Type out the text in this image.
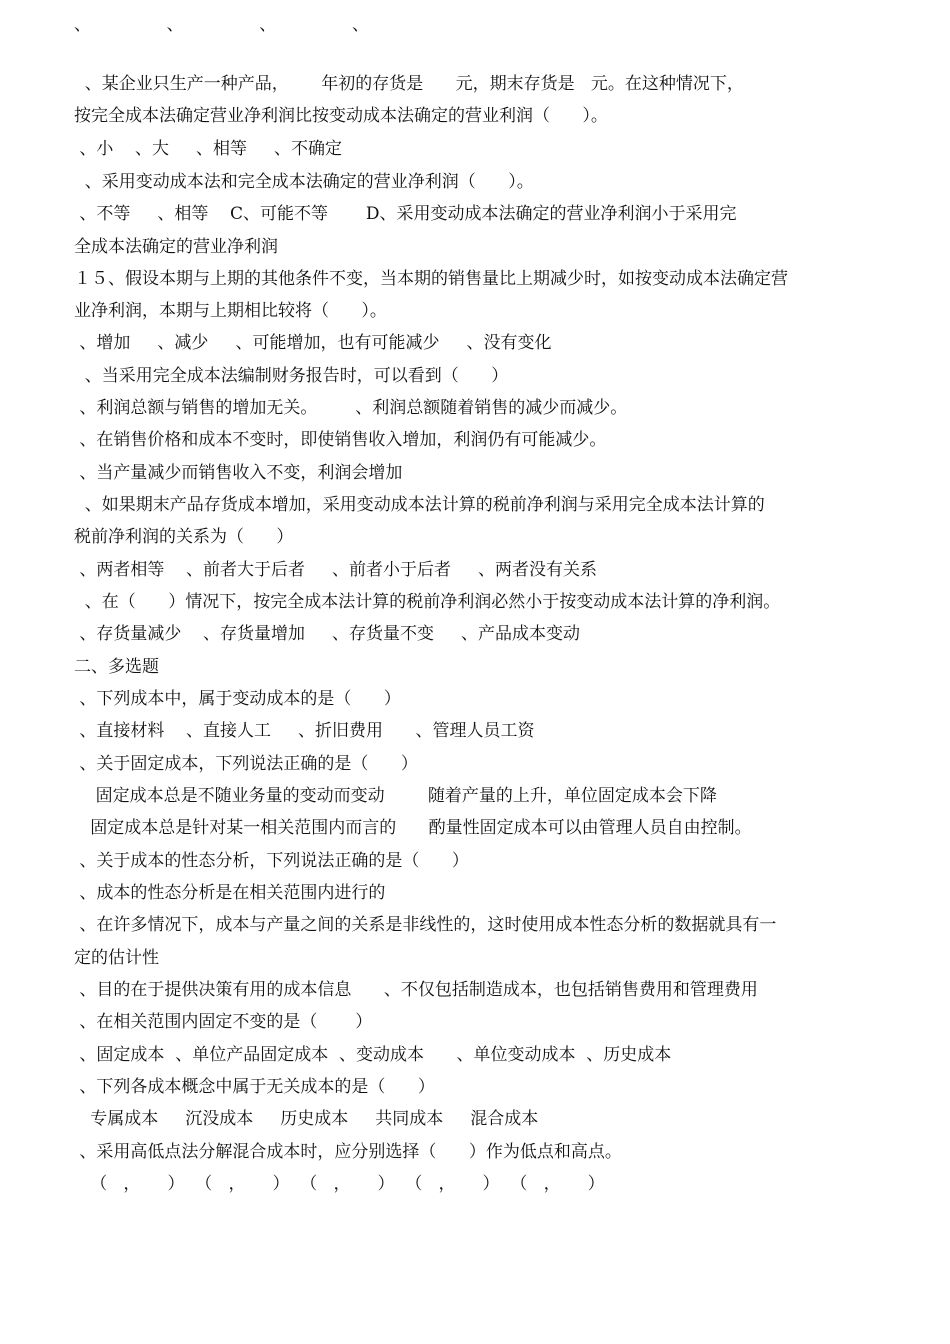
、              、              、              、

、某企业只生产一种产品，      年初的存货是      元，期末存货是   元。在这种情况下，

按完全成本法确定营业净利润比按变动成本法确定的营业利润（      ）。

、小    、大     、相等     、不确定

、采用变动成本法和完全成本法确定的营业净利润（      ）。

、不等     、相等    C、可能不等       D、采用变动成本法确定的营业净利润小于采用完

全成本法确定的营业净利润

１５、假设本期与上期的其他条件不变，当本期的销售量比上期减少时，如按变动成本法确定营

业净利润，本期与上期相比较将（      ）。

、增加     、减少     、可能增加，也有可能减少     、没有变化

、当采用完全成本法编制财务报告时，可以看到（      ）

、利润总额与销售的增加无关。       、利润总额随着销售的减少而减少。

、在销售价格和成本不变时，即使销售收入增加，利润仍有可能减少。

、当产量减少而销售收入不变，利润会增加

、如果期末产品存货成本增加，采用变动成本法计算的税前净利润与采用完全成本法计算的

税前净利润的关系为（      ）

、两者相等    、前者大于后者     、前者小于后者     、两者没有关系

、在（      ）情况下，按完全成本法计算的税前净利润必然小于按变动成本法计算的净利润。

、存货量减少    、存货量增加     、存货量不变     、产品成本变动

二、多选题

、下列成本中，属于变动成本的是（      ）

、直接材料    、直接人工     、折旧费用      、管理人员工资

、关于固定成本，下列说法正确的是（      ）

固定成本总是不随业务量的变动而变动        随着产量的上升，单位固定成本会下降

固定成本总是针对某一相关范围内而言的      酌量性固定成本可以由管理人员自由控制。

、关于成本的性态分析，下列说法正确的是（      ）

、成本的性态分析是在相关范围内进行的

、在许多情况下，成本与产量之间的关系是非线性的，这时使用成本性态分析的数据就具有一

定的估计性

、目的在于提供决策有用的成本信息      、不仅包括制造成本，也包括销售费用和管理费用

、在相关范围内固定不变的是（       ）

、固定成本  、单位产品固定成本  、变动成本      、单位变动成本  、历史成本

、下列各成本概念中属于无关成本的是（      ）

专属成本     沉没成本     历史成本     共同成本     混合成本

、采用高低点法分解混合成本时，应分别选择（      ）作为低点和高点。

（   ，     ）  （   ，     ）  （   ，     ）  （   ，     ）  （   ，     ）
